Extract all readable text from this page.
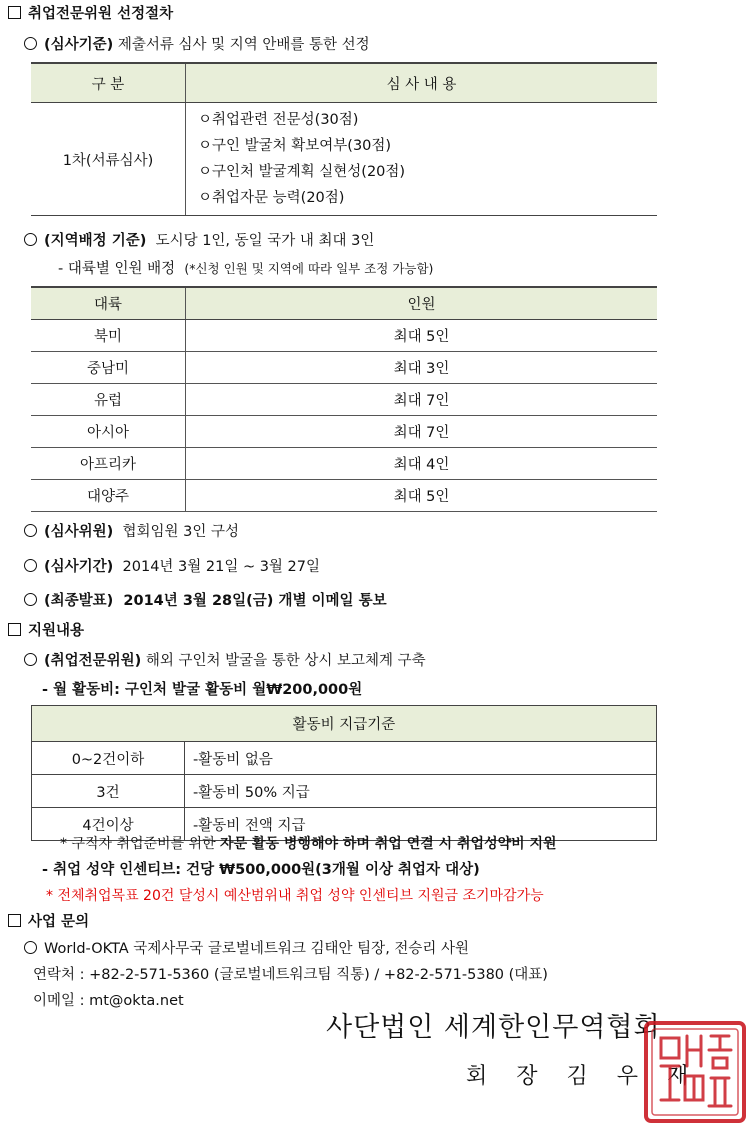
취업전문위원 선정절차
(심사기준) 제출서류 심사 및 지역 안배를 통한 선정
구 분	심 사 내 용
1차(서류심사)	ㅇ취업관련 전문성(30점)
ㅇ구인 발굴처 확보여부(30점)
ㅇ구인처 발굴계획 실현성(20점)
ㅇ취업자문 능력(20점)
(지역배정 기준) 도시당 1인, 동일 국가 내 최대 3인
- 대륙별 인원 배정 (*신청 인원 및 지역에 따라 일부 조정 가능함)
대륙	인원
북미	최대 5인
중남미	최대 3인
유럽	최대 7인
아시아	최대 7인
아프리카	최대 4인
대양주	최대 5인
(심사위원) 협회임원 3인 구성
(심사기간) 2014년 3월 21일 ~ 3월 27일
(최종발표) 2014년 3월 28일(금) 개별 이메일 통보
지원내용
(취업전문위원) 해외 구인처 발굴을 통한 상시 보고체계 구축
- 월 활동비: 구인처 발굴 활동비 월₩200,000원
활동비 지급기준	
0~2건이하	-활동비 없음
3건	-활동비 50% 지급
4건이상	-활동비 전액 지급
* 구직자 취업준비를 위한 자문 활동 병행해야 하며 취업 연결 시 취업성약비 지원
- 취업 성약 인센티브: 건당 ₩500,000원(3개월 이상 취업자 대상)
* 전체취업목표 20건 달성시 예산범위내 취업 성약 인센티브 지원금 조기마감가능
사업 문의
World-OKTA 국제사무국 글로벌네트워크 김태안 팀장, 전승리 사원
연락처 : +82-2-571-5360 (글로벌네트워크팀 직통) / +82-2-571-5380 (대표)
이메일 : mt@okta.net
사단법인 세계한인무역협회
회 장 김 우 재
